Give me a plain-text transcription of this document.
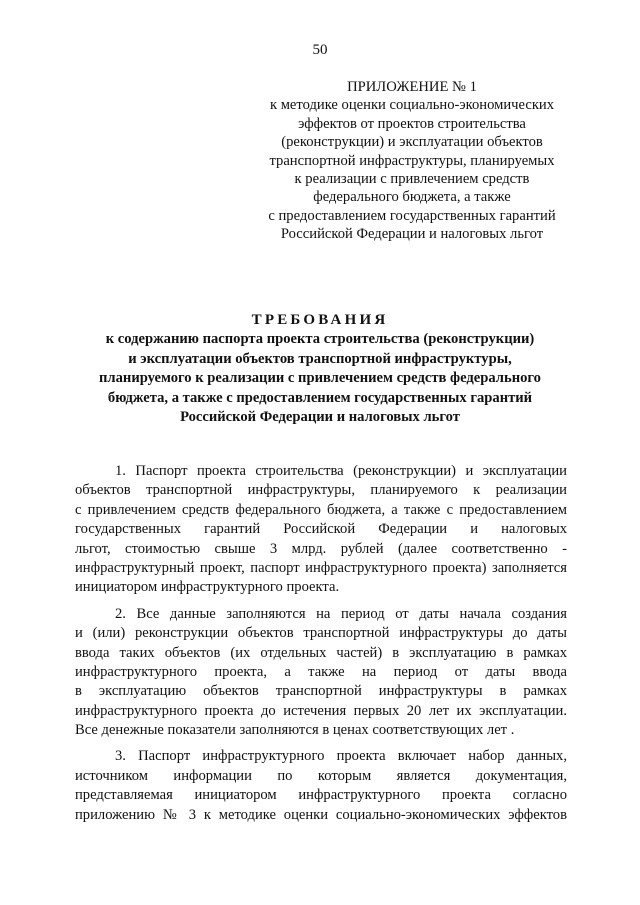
50
ПРИЛОЖЕНИЕ № 1
к методике оценки социально-экономических
эффектов от проектов строительства
(реконструкции) и эксплуатации объектов
транспортной инфраструктуры, планируемых
к реализации с привлечением средств
федерального бюджета, а также
с предоставлением государственных гарантий
Российской Федерации и налоговых льгот
ТРЕБОВАНИЯ
к содержанию паспорта проекта строительства (реконструкции)
и эксплуатации объектов транспортной инфраструктуры,
планируемого к реализации с привлечением средств федерального
бюджета, а также с предоставлением государственных гарантий
Российской Федерации и налоговых льгот

1. Паспорт проекта строительства (реконструкции) и эксплуатации
объектов транспортной инфраструктуры, планируемого к реализации
с привлечением средств федерального бюджета, а также с предоставлением
государственных гарантий Российской Федерации и налоговых
льгот, стоимостью свыше 3 млрд. рублей (далее соответственно -
инфраструктурный проект, паспорт инфраструктурного проекта) заполняется
инициатором инфраструктурного проекта.

2. Все данные заполняются на период от даты начала создания
и (или) реконструкции объектов транспортной инфраструктуры до даты
ввода таких объектов (их отдельных частей) в эксплуатацию в рамках
инфраструктурного проекта, а также на период от даты ввода
в эксплуатацию объектов транспортной инфраструктуры в рамках
инфраструктурного проекта до истечения первых 20 лет их эксплуатации.
Все денежные показатели заполняются в ценах соответствующих лет .

3. Паспорт инфраструктурного проекта включает набор данных,
источником информации по которым является документация,
представляемая инициатором инфраструктурного проекта согласно
приложению № 3 к методике оценки социально-экономических эффектов
